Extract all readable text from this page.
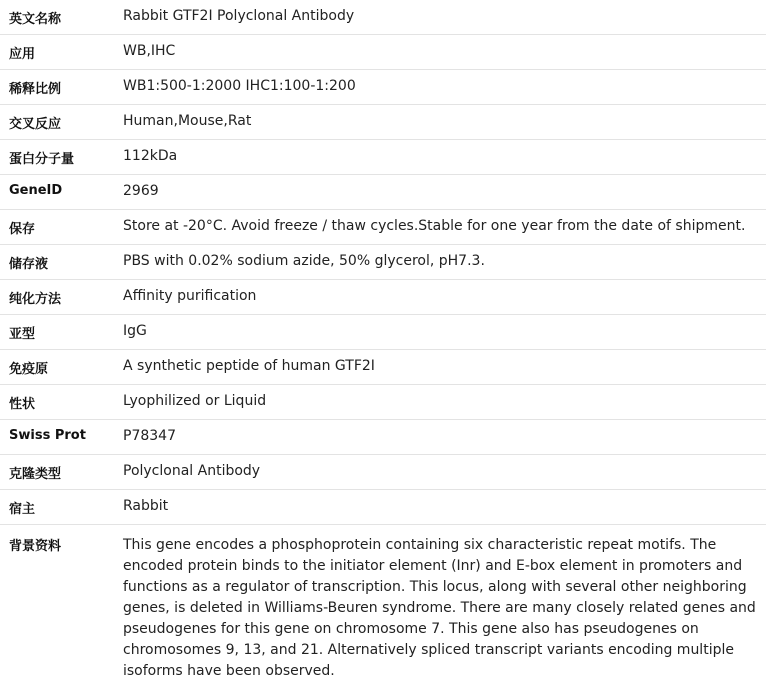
英文名称	Rabbit GTF2I Polyclonal Antibody
应用	WB,IHC
稀释比例	WB1:500-1:2000 IHC1:100-1:200
交叉反应	Human,Mouse,Rat
蛋白分子量	112kDa
GeneID	2969
保存	Store at -20°C. Avoid freeze / thaw cycles.Stable for one year from the date of shipment.
储存液	PBS with 0.02% sodium azide, 50% glycerol, pH7.3.
纯化方法	Affinity purification
亚型	IgG
免疫原	A synthetic peptide of human GTF2I
性状	Lyophilized or Liquid
Swiss Prot	P78347
克隆类型	Polyclonal Antibody
宿主	Rabbit
背景资料	This gene encodes a phosphoprotein containing six characteristic repeat motifs. The encoded protein binds to the initiator element (Inr) and E-box element in promoters and functions as a regulator of transcription. This locus, along with several other neighboring genes, is deleted in Williams-Beuren syndrome. There are many closely related genes and pseudogenes for this gene on chromosome 7. This gene also has pseudogenes on chromosomes 9, 13, and 21. Alternatively spliced transcript variants encoding multiple isoforms have been observed.
